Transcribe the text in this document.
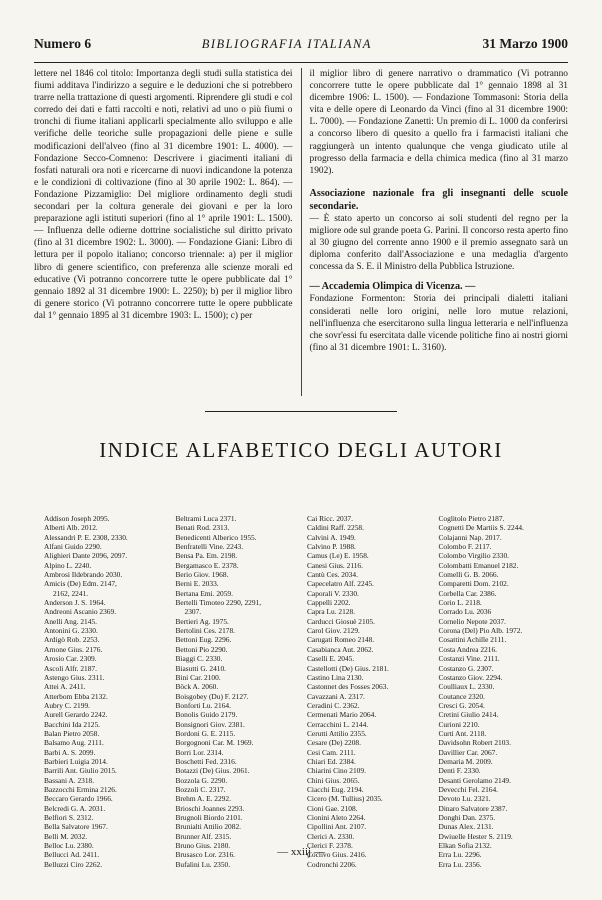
Numero 6	BIBLIOGRAFIA ITALIANA	31 Marzo 1900

lettere nel 1846 col titolo: Importanza degli studi sulla statistica dei fiumi additava l'indirizzo a seguire e le deduzioni che si potrebbero trarre nella trattazione di questi argomenti. Riprendere gli studi e col corredo dei dati e fatti raccolti e noti, relativi ad uno o più fiumi o tronchi di fiume italiani applicarli specialmente allo sviluppo e alle verifiche delle teoriche sulle propagazioni delle piene e sulle modificazioni dell'alveo (fino al 31 dicembre 1901: L. 4000). — Fondazione Secco-Comneno: Descrivere i giacimenti italiani di fosfati naturali ora noti e ricercarne di nuovi indicandone la potenza e le condizioni di coltivazione (fino al 30 aprile 1902: L. 864). — Fondazione Pizzamiglio: Del migliore ordinamento degli studi secondari per la coltura generale dei giovani e per la loro preparazione agli istituti superiori (fino al 1° aprile 1901: L. 1500). — Influenza delle odierne dottrine socialistiche sul diritto privato (fino al 31 dicembre 1902: L. 3000). — Fondazione Giani: Libro di lettura per il popolo italiano; concorso triennale: a) per il miglior libro di genere scientifico, con preferenza alle scienze morali ed educative (Vi potranno concorrere tutte le opere pubblicate dal 1° gennaio 1892 al 31 dicembre 1900: L. 2250); b) per il miglior libro di genere storico (Vi potranno concorrere tutte le opere pubblicate dal 1° gennaio 1895 al 31 dicembre 1903: L. 1500); c) per

il miglior libro di genere narrativo o drammatico (Vi potranno concorrere tutte le opere pubblicate dal 1° gennaio 1898 al 31 dicembre 1906: L. 1500). — Fondazione Tommasoni: Storia della vita e delle opere di Leonardo da Vinci (fino al 31 dicembre 1900: L. 7000). — Fondazione Zanetti: Un premio di L. 1000 da conferirsi a concorso libero di quesito a quello fra i farmacisti italiani che raggiungerà un intento qualunque che venga giudicato utile al progresso della farmacia e della chimica medica (fino al 31 marzo 1902).

Associazione nazionale fra gli insegnanti delle scuole secondarie.

— È stato aperto un concorso ai soli studenti del regno per la migliore ode sul grande poeta G. Parini. Il concorso resta aperto fino al 30 giugno del corrente anno 1900 e il premio assegnato sarà un diploma conferito dall'Associazione e una medaglia d'argento concessa da S. E. il Ministro della Pubblica Istruzione.

— Accademia Olimpica di Vicenza. —

Fondazione Formenton: Storia dei principali dialetti italiani considerati nelle loro origini, nelle loro mutue relazioni, nell'influenza che esercitarono sulla lingua letteraria e nell'influenza che sovr'essi fu esercitata dalle vicende politiche fino ai nostri giorni (fino al 31 dicembre 1901: L. 3160).

INDICE ALFABETICO DEGLI AUTORI
Addison Joseph 2095.
Alberti Alb. 2012.
Alessandri P. E. 2308, 2330.
Alfani Guido 2290.
Alighieri Dante 2096, 2097.
Alpino L. 2240.
Ambrosi Ildebrando 2030.
Amicis (De) Edm. 2147,
2162, 2241.
Anderson J. S. 1964.
Andreoni Ascanio 2369.
Anelli Ang. 2145.
Antonini G. 2330.
Ardigò Rob. 2253.
Arnone Gius. 2176.
Arosio Car. 2309.
Ascoli Alfr. 2187.
Astengo Gius. 2311.
Attei A. 2411.
Atterbom Ebba 2132.
Aubry C. 2199.
Aurell Gerardo 2242.
Bacchini Ida 2125.
Balan Pietro 2058.
Balsamo Aug. 2111.
Barbi A. S. 2099.
Barbieri Luigia 2014.
Barrili Ant. Giulio 2015.
Bassani A. 2318.
Bazzocchi Ermina 2126.
Beccaro Gerardo 1966.
Belcredi G. A. 2031.
Belfiori S. 2312.
Bella Salvatore 1967.
Belli M. 2032.
Belloc Lu. 2380.
Bellucci Ad. 2411.
Belluzzi Ciro 2262.
Beltrami Luca 2371.
Benati Rod. 2313.
Benedicenti Alberico 1955.
Benfratelli Vine. 2243.
Bensa Pa. Em. 2198.
Bergamasco E. 2378.
Berio Giov. 1968.
Berni E. 2033.
Bertana Emi. 2059.
Bertelli Timoteo 2290, 2291,
2307.
Bertieri Ag. 1975.
Bertolini Ces. 2178.
Bettoni Eug. 2296.
Bettoni Pio 2290.
Biaggi C. 2330.
Biasutti G. 2410.
Bini Car. 2100.
Böck A. 2060.
Boisgobey (Du) F. 2127.
Bonforti Lu. 2164.
Bonolis Guido 2179.
Bonsignori Giov. 2381.
Bordoni G. E. 2115.
Borgognoni Car. M. 1969.
Borri Lor. 2314.
Boschetti Fed. 2316.
Botazzi (De) Gius. 2061.
Bozzola G. 2290.
Bozzoli C. 2317.
Brehm A. E. 2292.
Brioschi Joannes 2293.
Brugnoli Biordo 2101.
Brunialti Attilio 2082.
Brunner Alf. 2315.
Bruno Gius. 2180.
Brusasco Lor. 2316.
Bufalini Lu. 2350.
Cai Ricc. 2037.
Caldini Raff. 2258.
Calvini A. 1949.
Calvino P. 1988.
Camus (Le) E. 1958.
Canesi Gius. 2116.
Cantù Ces. 2034.
Capecelatro Alf. 2245.
Caporali V. 2330.
Cappelli 2202.
Capra Lu. 2128.
Carducci Giosuè 2105.
Carol Giov. 2129.
Carugati Romeo 2148.
Casabianca Aut. 2062.
Caselli E. 2045.
Castellotti (De) Gius. 2181.
Castino Lina 2130.
Castonnet des Fosses 2063.
Cavazzani A. 2317.
Ceradini C. 2362.
Cermenati Mario 2064.
Cerracchini L. 2144.
Cerutti Attilio 2355.
Cesare (De) 2208.
Cesi Cam. 2111.
Chiari Ed. 2384.
Chiarini Cino 2109.
Chini Gius. 2065.
Ciacchi Eug. 2194.
Cicero (M. Tullius) 2035.
Cioni Gae. 2108.
Cionini Aleto 2264.
Cipollini Ant. 2107.
Clerici A. 2330.
Clerici F. 2378.
Coclivo Gius. 2416.
Codronchi 2206.
Coglitolo Pietro 2187.
Cognetti De Martiis S. 2244.
Colajanni Nap. 2017.
Colombo F. 2117.
Colombo Virgilio 2330.
Colombatti Emanuel 2182.
Comelli G. B. 2066.
Comparetti Dom. 2102.
Corbella Car. 2386.
Corio L. 2118.
Corrado Lu. 2036
Cornelio Nepote 2037.
Corona (Del) Pio Alb. 1972.
Cosattini Achille 2111.
Costa Andrea 2216.
Costanzi Vine. 2111.
Costanzo G. 2307.
Costanzo Giov. 2294.
Coulliaux L. 2330.
Coutance 2320.
Cresci G. 2054.
Cretini Giulio 2414.
Curioni 2210.
Curti Ant. 2118.
Davidsohn Robert 2103.
Davillier Car. 2067.
Demaria M. 2009.
Denti F. 2330.
Desanti Gerolamo 2149.
Devecchi Fel. 2164.
Devoto Lu. 2321.
Dinaro Salvatore 2387.
Donghi Dan. 2375.
Dunas Alex. 2131.
Dwiuelle Hester S. 2119.
Elkan Sofia 2132.
Erra Lu. 2296.
Erra Lu. 2356.
— xxiij —
